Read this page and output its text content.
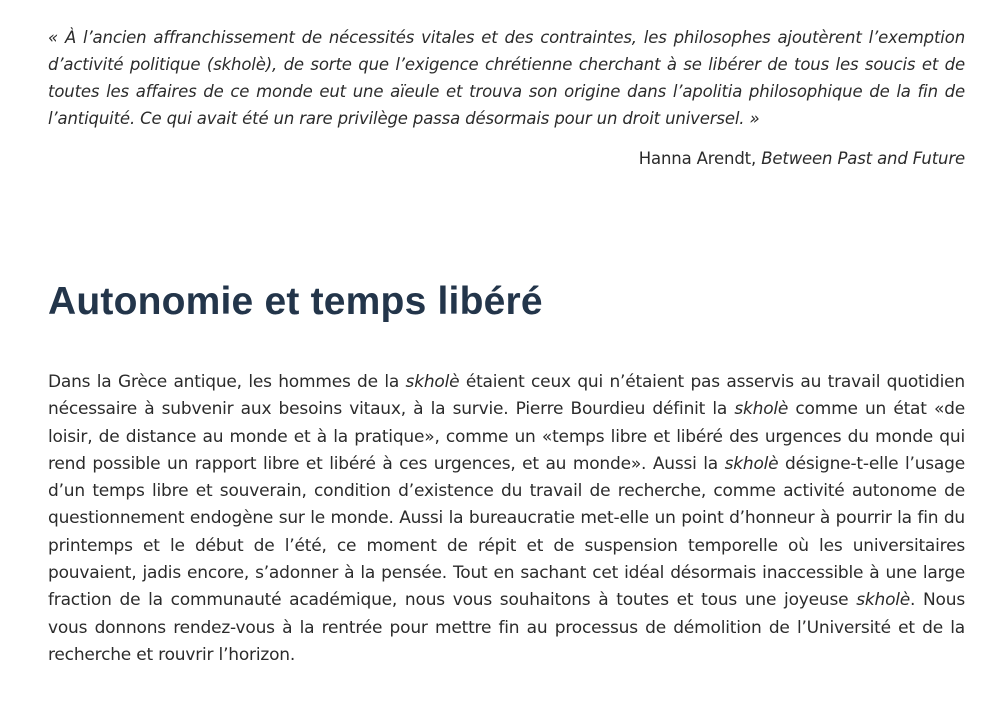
« À l’ancien affranchissement de nécessités vitales et des contraintes, les philosophes ajoutèrent l’exemption d’activité politique (skholè), de sorte que l’exigence chrétienne cherchant à se libérer de tous les soucis et de toutes les affaires de ce monde eut une aïeule et trouva son origine dans l’apolitia philosophique de la fin de l’antiquité. Ce qui avait été un rare privilège passa désormais pour un droit universel. »

Hanna Arendt, Between Past and Future
Autonomie et temps libéré

Dans la Grèce antique, les hommes de la skholè étaient ceux qui n’étaient pas asservis au travail quotidien nécessaire à subvenir aux besoins vitaux, à la survie. Pierre Bourdieu définit la skholè comme un état «de loisir, de distance au monde et à la pratique», comme un «temps libre et libéré des urgences du monde qui rend possible un rapport libre et libéré à ces urgences, et au monde». Aussi la skholè désigne-t-elle l’usage d’un temps libre et souverain, condition d’existence du travail de recherche, comme activité autonome de questionnement endogène sur le monde. Aussi la bureaucratie met-elle un point d’honneur à pourrir la fin du printemps et le début de l’été, ce moment de répit et de suspension temporelle où les universitaires pouvaient, jadis encore, s’adonner à la pensée. Tout en sachant cet idéal désormais inaccessible à une large fraction de la communauté académique, nous vous souhaitons à toutes et tous une joyeuse skholè. Nous vous donnons rendez-vous à la rentrée pour mettre fin au processus de démolition de l’Université et de la recherche et rouvrir l’horizon.
